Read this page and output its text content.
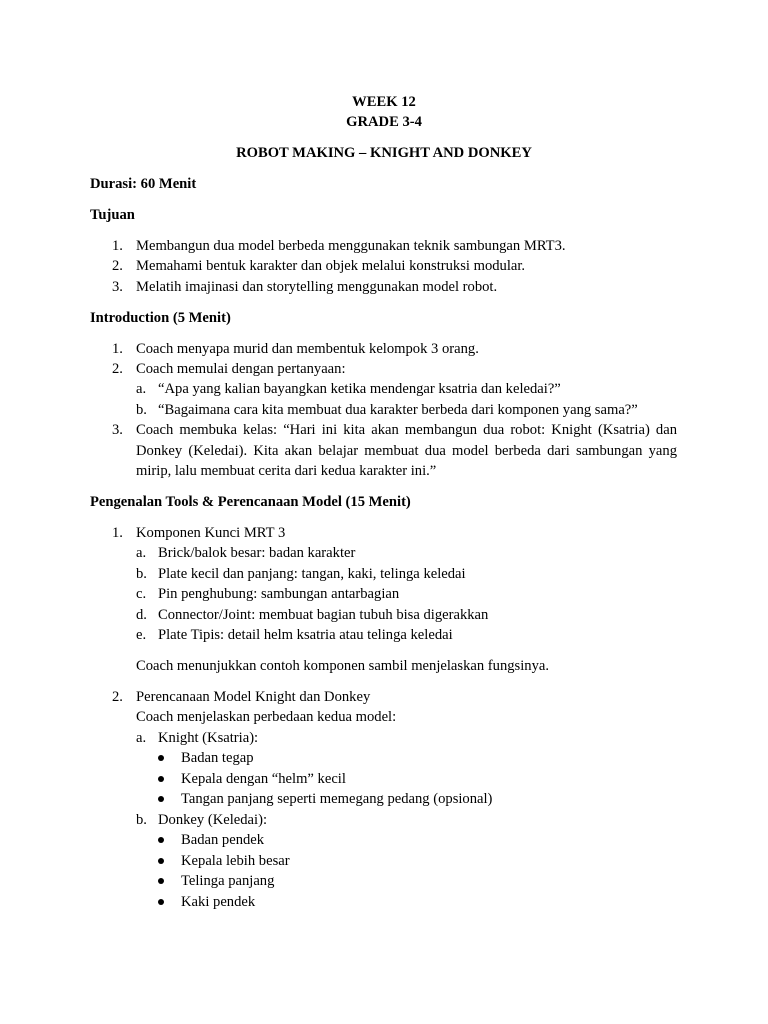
WEEK 12
GRADE 3-4
ROBOT MAKING – KNIGHT AND DONKEY
Durasi: 60 Menit
Tujuan
1. Membangun dua model berbeda menggunakan teknik sambungan MRT3.
2. Memahami bentuk karakter dan objek melalui konstruksi modular.
3. Melatih imajinasi dan storytelling menggunakan model robot.
Introduction (5 Menit)
1. Coach menyapa murid dan membentuk kelompok 3 orang.
2. Coach memulai dengan pertanyaan:
a. “Apa yang kalian bayangkan ketika mendengar ksatria dan keledai?”
b. “Bagaimana cara kita membuat dua karakter berbeda dari komponen yang sama?”
3. Coach membuka kelas: “Hari ini kita akan membangun dua robot: Knight (Ksatria) dan
Donkey (Keledai). Kita akan belajar membuat dua model berbeda dari sambungan yang
mirip, lalu membuat cerita dari kedua karakter ini.”
Pengenalan Tools & Perencanaan Model (15 Menit)
1. Komponen Kunci MRT 3
a. Brick/balok besar: badan karakter
b. Plate kecil dan panjang: tangan, kaki, telinga keledai
c. Pin penghubung: sambungan antarbagian
d. Connector/Joint: membuat bagian tubuh bisa digerakkan
e. Plate Tipis: detail helm ksatria atau telinga keledai
Coach menunjukkan contoh komponen sambil menjelaskan fungsinya.
2. Perencanaan Model Knight dan Donkey
Coach menjelaskan perbedaan kedua model:
a. Knight (Ksatria):
Badan tegap
Kepala dengan “helm” kecil
Tangan panjang seperti memegang pedang (opsional)
b. Donkey (Keledai):
Badan pendek
Kepala lebih besar
Telinga panjang
Kaki pendek
